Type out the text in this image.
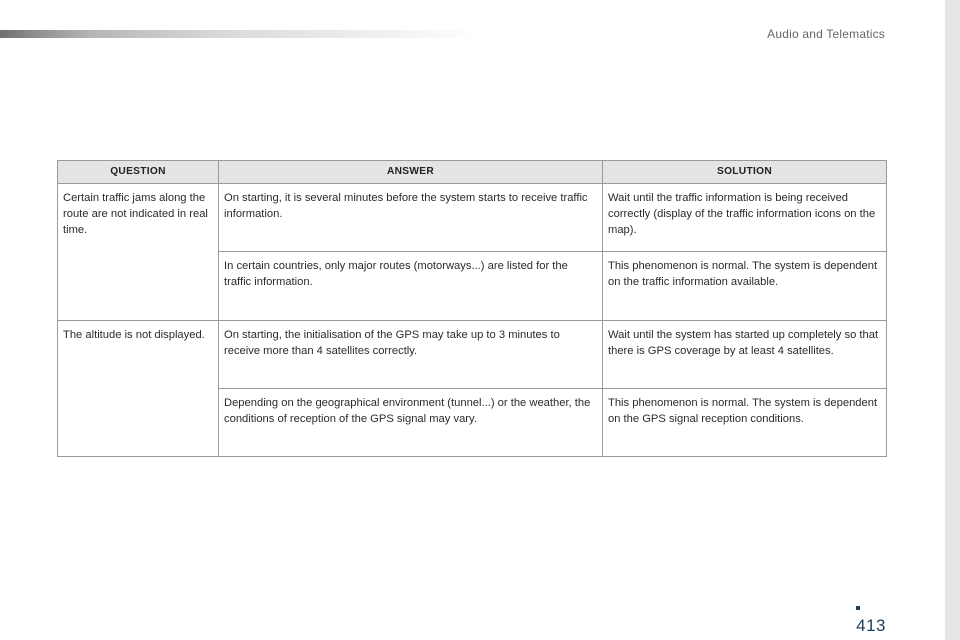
Audio and Telematics
QUESTION	ANSWER	SOLUTION
Certain traffic jams along the route are not indicated in real time.	On starting, it is several minutes before the system starts to receive traffic information.	Wait until the traffic information is being received correctly (display of the traffic information icons on the map).
	In certain countries, only major routes (motorways...) are listed for the traffic information.	This phenomenon is normal. The system is dependent on the traffic information available.
The altitude is not displayed.	On starting, the initialisation of the GPS may take up to 3 minutes to receive more than 4 satellites correctly.	Wait until the system has started up completely so that there is GPS coverage by at least 4 satellites.
	Depending on the geographical environment (tunnel...) or the weather, the conditions of reception of the GPS signal may vary.	This phenomenon is normal. The system is dependent on the GPS signal reception conditions.
413
